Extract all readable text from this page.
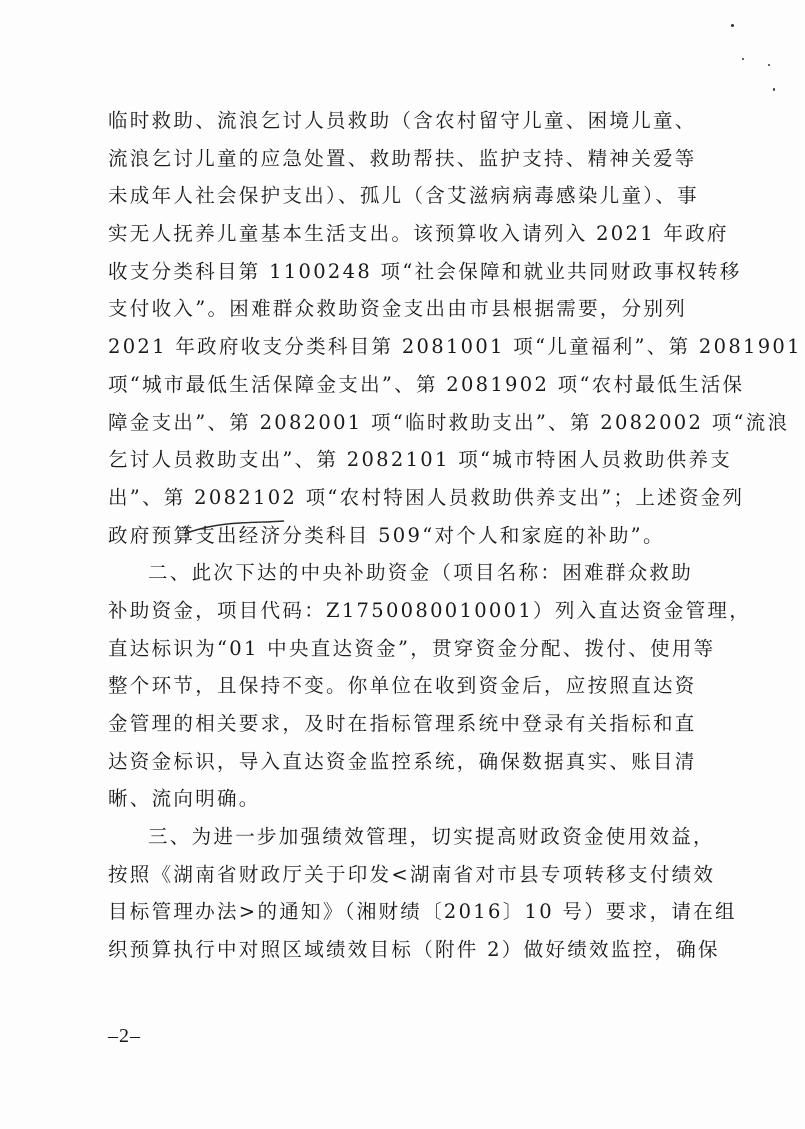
临时救助、流浪乞讨人员救助（含农村留守儿童、困境儿童、
流浪乞讨儿童的应急处置、救助帮扶、监护支持、精神关爱等
未成年人社会保护支出）、孤儿（含艾滋病病毒感染儿童）、事
实无人抚养儿童基本生活支出。该预算收入请列入 2021 年政府
收支分类科目第 1100248 项“社会保障和就业共同财政事权转移
支付收入”。困难群众救助资金支出由市县根据需要，分别列
2021 年政府收支分类科目第 2081001 项“儿童福利”、第 2081901
项“城市最低生活保障金支出”、第 2081902 项“农村最低生活保
障金支出”、第 2082001 项“临时救助支出”、第 2082002 项“流浪
乞讨人员救助支出”、第 2082101 项“城市特困人员救助供养支
出”、第 2082102 项“农村特困人员救助供养支出”；上述资金列
政府预算支出经济分类科目 509“对个人和家庭的补助”。
二、此次下达的中央补助资金（项目名称：困难群众救助
补助资金，项目代码：Z1750080010001）列入直达资金管理，
直达标识为“01 中央直达资金”，贯穿资金分配、拨付、使用等
整个环节，且保持不变。你单位在收到资金后，应按照直达资
金管理的相关要求，及时在指标管理系统中登录有关指标和直
达资金标识，导入直达资金监控系统，确保数据真实、账目清
晰、流向明确。
三、为进一步加强绩效管理，切实提高财政资金使用效益，
按照《湖南省财政厅关于印发<湖南省对市县专项转移支付绩效
目标管理办法>的通知》（湘财绩〔2016〕10 号）要求，请在组
织预算执行中对照区域绩效目标（附件 2）做好绩效监控，确保
–2–
